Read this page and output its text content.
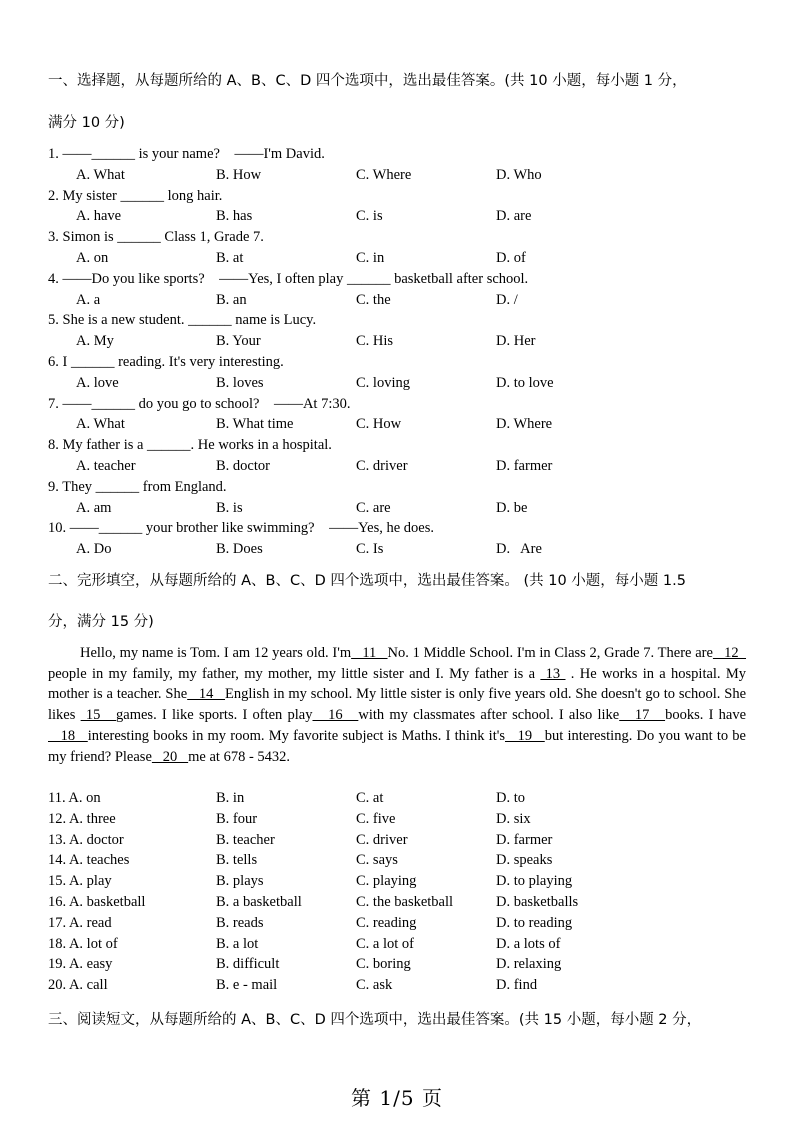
一、选择题，从每题所给的 A、B、C、D 四个选项中，选出最佳答案。(共 10 小题，每小题 1 分，
满分 10 分)
1. ——______ is your name?    ——I'm David.
A. What	B. How	C. Where	D. Who
2. My sister ______ long hair.
A. have	B. has	C. is	D. are
3. Simon is ______ Class 1, Grade 7.
A. on	B. at	C. in	D. of
4. ——Do you like sports?    ——Yes, I often play ______ basketball after school.
A. a	B. an	C. the	D. /
5. She is a new student. ______ name is Lucy.
A. My	B. Your	C. His	D. Her
6. I ______ reading. It's very interesting.
A. love	B. loves	C. loving	D. to love
7. ——______ do you go to school?    ——At 7:30.
A. What	B. What time	C. How	D. Where
8. My father is a ______. He works in a hospital.
A. teacher	B. doctor	C. driver	D. farmer
9. They ______ from England.
A. am	B. is	C. are	D. be
10. ——______ your brother like swimming?    ——Yes, he does.
A. Do	B. Does	C. Is	D.   Are
二、完形填空，从每题所给的 A、B、C、D 四个选项中，选出最佳答案。 (共 10 小题，每小题 1.5
分，满分 15 分)
Hello, my name is Tom. I am 12 years old. I'm   11   No. 1 Middle School. I'm in Class 2, Grade 7. There are   12   people in my family, my father, my mother, my little sister and I. My father is a  13  . He works in a hospital. My mother is a teacher. She   14   English in my school. My little sister is only five years old. She doesn't go to school. She likes  15   games. I like sports. I often play   16   with my classmates after school. I also like   17   books. I have   18   interesting books in my room. My favorite subject is Maths. I think it's   19   but interesting. Do you want to be my friend? Please   20   me at 678 - 5432.
11. A. on	B. in	C. at	D. to
12. A. three	B. four	C. five	D. six
13. A. doctor	B. teacher	C. driver	D. farmer
14. A. teaches	B. tells	C. says	D. speaks
15. A. play	B. plays	C. playing	D. to playing
16. A. basketball	B. a basketball	C. the basketball	D. basketballs
17. A. read	B. reads	C. reading	D. to reading
18. A. lot of	B. a lot	C. a lot of	D. a lots of
19. A. easy	B. difficult	C. boring	D. relaxing
20. A. call	B. e - mail	C. ask	D. find
三、阅读短文，从每题所给的 A、B、C、D 四个选项中，选出最佳答案。(共 15 小题，每小题 2 分，
第 1/5 页
